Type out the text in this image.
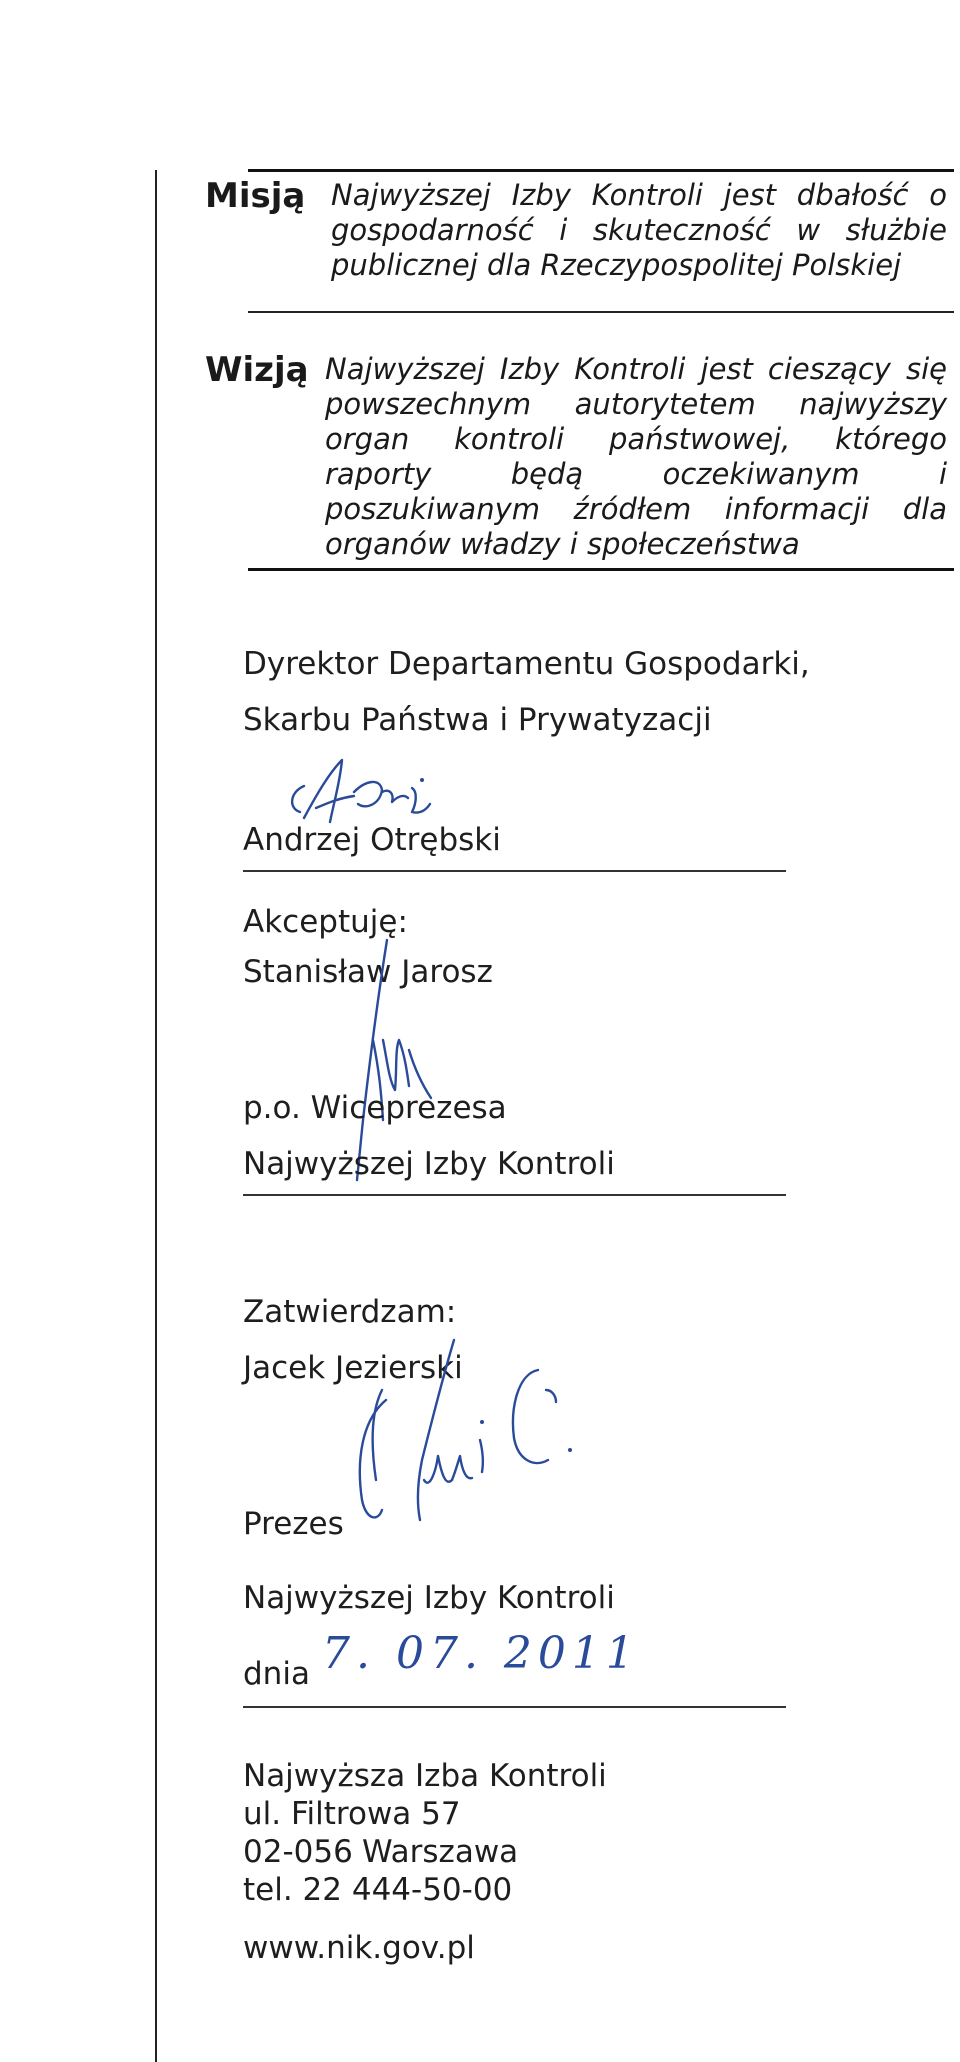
Misją Najwyższej Izby Kontroli jest dbałość o gospodarność i skuteczność w służbie publicznej dla Rzeczypospolitej Polskiej
Wizją Najwyższej Izby Kontroli jest cieszący się powszechnym autorytetem najwyższy organ kontroli państwowej, którego raporty będą oczekiwanym i poszukiwanym źródłem informacji dla organów władzy i społeczeństwa
Dyrektor Departamentu Gospodarki,
Skarbu Państwa i Prywatyzacji
Andrzej Otrębski
Akceptuję:
Stanisław Jarosz
p.o. Wiceprezesa
Najwyższej Izby Kontroli
Zatwierdzam:
Jacek Jezierski
Prezes
Najwyższej Izby Kontroli
dnia 7. 07. 2011
Najwyższa Izba Kontroli
ul. Filtrowa 57
02-056 Warszawa
tel. 22 444-50-00
www.nik.gov.pl
